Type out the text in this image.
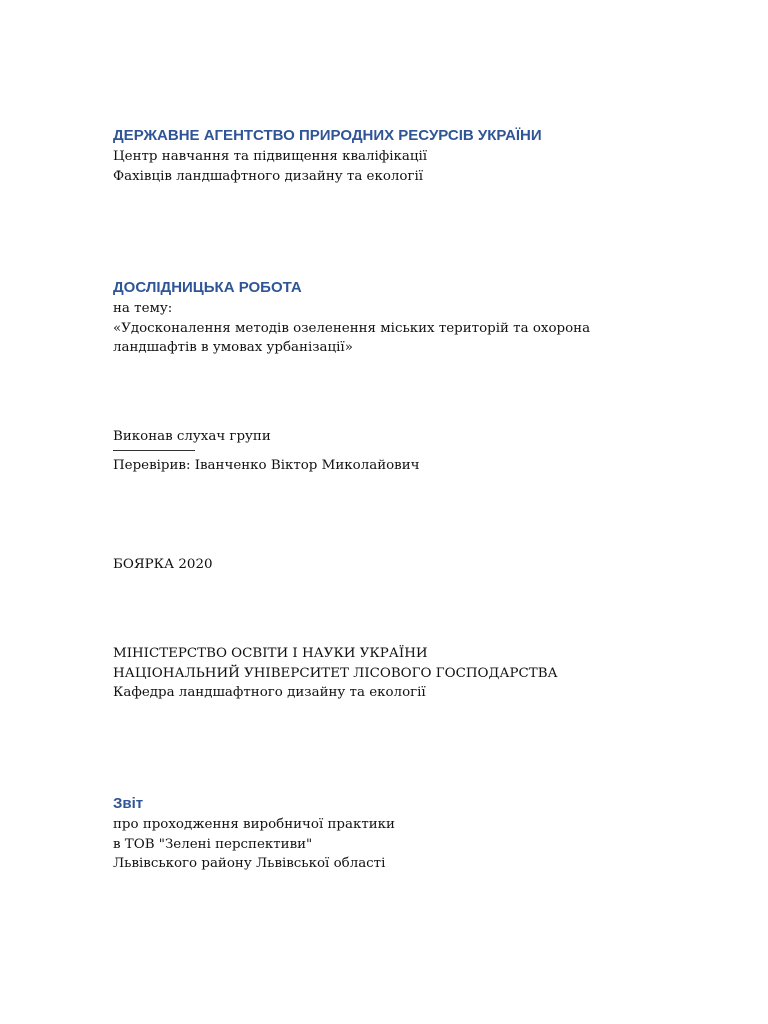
ДЕРЖАВНЕ АГЕНТСТВО ПРИРОДНИХ РЕСУРСІВ УКРАЇНИ

Центр навчання та підвищення кваліфікації

Фахівців ландшафтного дизайну та екології

ДОСЛІДНИЦЬКА РОБОТА

на тему:

«Удосконалення методів озеленення міських територій та охорона

ландшафтів в умовах урбанізації»

Виконав слухач групи

Перевірив: Іванченко Віктор Миколайович

БОЯРКА 2020

МІНІСТЕРСТВО ОСВІТИ І НАУКИ УКРАЇНИ

НАЦІОНАЛЬНИЙ УНІВЕРСИТЕТ ЛІСОВОГО ГОСПОДАРСТВА

Кафедра ландшафтного дизайну та екології

Звіт

про проходження виробничої практики

в ТОВ "Зелені перспективи"

Львівського району Львівської області
